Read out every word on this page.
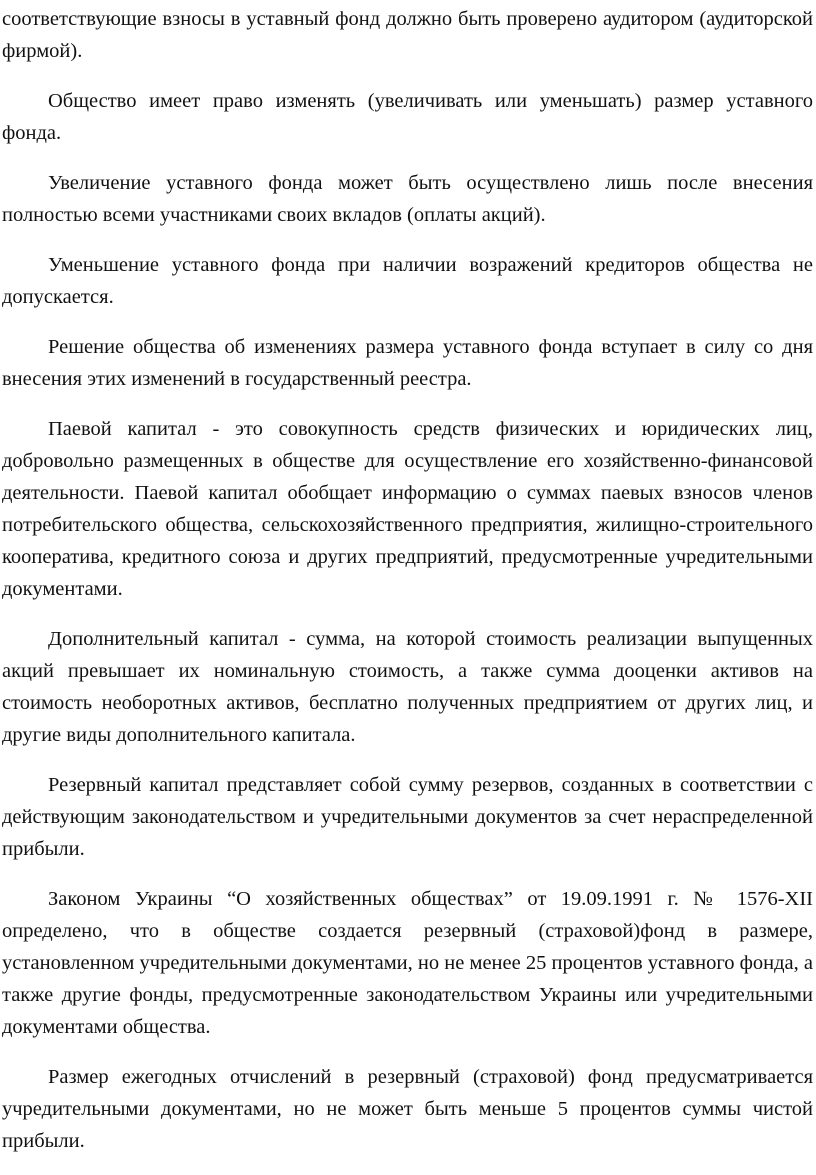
соответствующие взносы в уставный фонд должно быть проверено аудитором (аудиторской фирмой).

Общество имеет право изменять (увеличивать или уменьшать) размер уставного фонда.

Увеличение уставного фонда может быть осуществлено лишь после внесения полностью всеми участниками своих вкладов (оплаты акций).

Уменьшение уставного фонда при наличии возражений кредиторов общества не допускается.

Решение общества об изменениях размера уставного фонда вступает в силу со дня внесения этих изменений в государственный реестра.

Паевой капитал - это совокупность средств физических и юридических лиц, добровольно размещенных в обществе для осуществление его хозяйственно-финансовой деятельности. Паевой капитал обобщает информацию о суммах паевых взносов членов потребительского общества, сельскохозяйственного предприятия, жилищно-строительного кооператива, кредитного союза и других предприятий, предусмотренные учредительными документами.

Дополнительный капитал - сумма, на которой стоимость реализации выпущенных акций превышает их номинальную стоимость, а также сумма дооценки активов на стоимость необоротных активов, бесплатно полученных предприятием от других лиц, и другие виды дополнительного капитала.

Резервный капитал представляет собой сумму резервов, созданных в соответствии с действующим законодательством и учредительными документов за счет нераспределенной прибыли.

Законом Украины “О хозяйственных обществах” от 19.09.1991 г. № 1576-XII определено, что в обществе создается резервный (страховой)фонд в размере, установленном учредительными документами, но не менее 25 процентов уставного фонда, а также другие фонды, предусмотренные законодательством Украины или учредительными документами общества.

Размер ежегодных отчислений в резервный (страховой) фонд предусматривается учредительными документами, но не может быть меньше 5 процентов суммы чистой прибыли.
